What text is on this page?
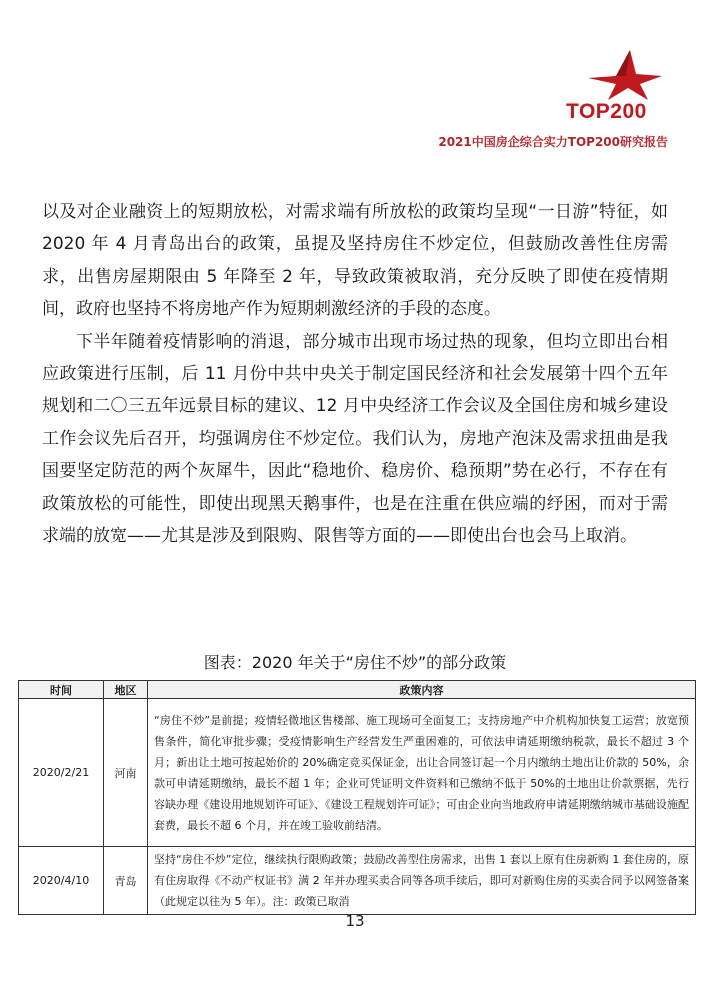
TOP200
2021中国房企综合实力TOP200研究报告

以及对企业融资上的短期放松，对需求端有所放松的政策均呈现“一日游”特征，如 2020 年 4 月青岛出台的政策，虽提及坚持房住不炒定位，但鼓励改善性住房需求，出售房屋期限由 5 年降至 2 年，导致政策被取消，充分反映了即使在疫情期间，政府也坚持不将房地产作为短期刺激经济的手段的态度。

下半年随着疫情影响的消退，部分城市出现市场过热的现象，但均立即出台相应政策进行压制，后 11 月份中共中央关于制定国民经济和社会发展第十四个五年规划和二〇三五年远景目标的建议、12 月中央经济工作会议及全国住房和城乡建设工作会议先后召开，均强调房住不炒定位。我们认为，房地产泡沫及需求扭曲是我国要坚定防范的两个灰犀牛，因此“稳地价、稳房价、稳预期”势在必行，不存在有政策放松的可能性，即使出现黑天鹅事件，也是在注重在供应端的纾困，而对于需求端的放宽——尤其是涉及到限购、限售等方面的——即使出台也会马上取消。

图表：2020 年关于“房住不炒”的部分政策
时间	地区	政策内容
2020/2/21	河南	“房住不炒”是前提；疫情轻微地区售楼部、施工现场可全面复工；支持房地产中介机构加快复工运营；放宽预售条件，简化审批步骤；受疫情影响生产经营发生严重困难的，可依法申请延期缴纳税款，最长不超过 3 个月；新出让土地可按起始价的 20%确定竞买保证金，出让合同签订起一个月内缴纳土地出让价款的 50%，余款可申请延期缴纳，最长不超 1 年；企业可凭证明文件资料和已缴纳不低于 50%的土地出让价款票据，先行容缺办理《建设用地规划许可证》、《建设工程规划许可证》；可由企业向当地政府申请延期缴纳城市基础设施配套费，最长不超 6 个月，并在竣工验收前结清。
2020/4/10	青岛	坚持“房住不炒”定位，继续执行限购政策；鼓励改善型住房需求，出售 1 套以上原有住房新购 1 套住房的，原有住房取得《不动产权证书》满 2 年并办理买卖合同等各项手续后，即可对新购住房的买卖合同予以网签备案（此规定以往为 5 年）。注：政策已取消
13
